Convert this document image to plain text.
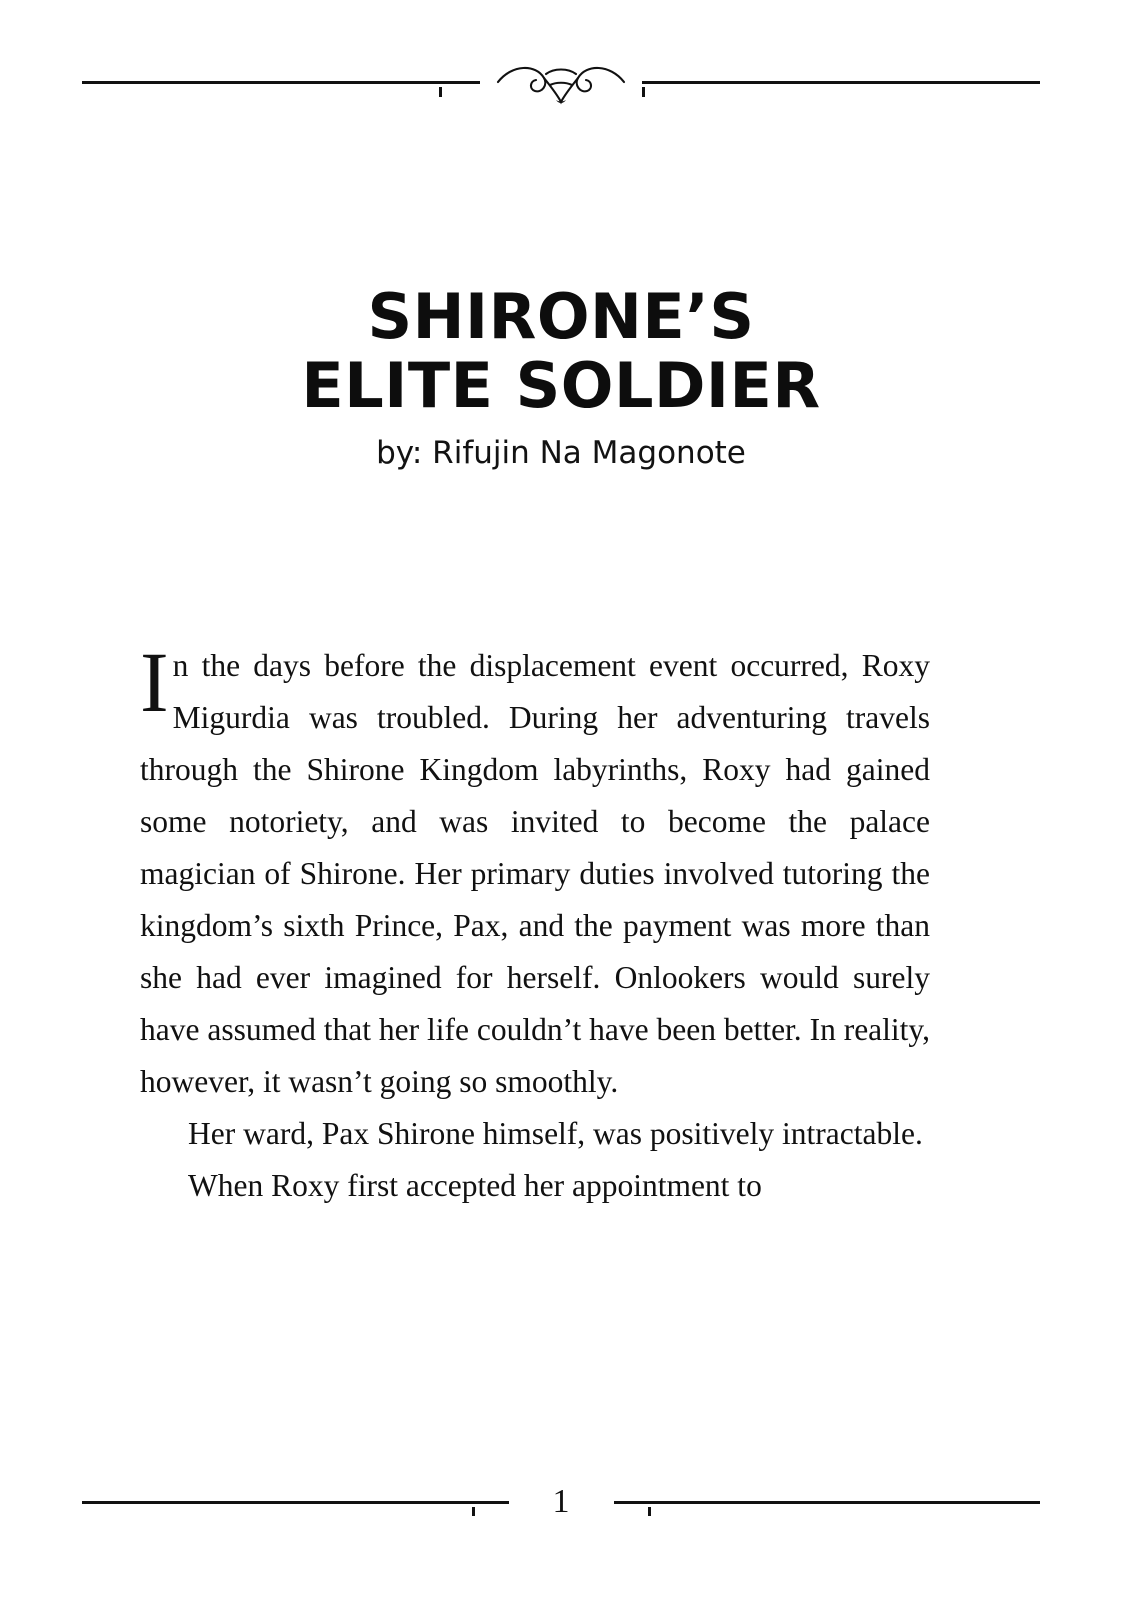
SHIRONE’S
ELITE SOLDIER
by: Rifujin Na Magonote

In the days before the displacement event occurred, Roxy Migurdia was troubled. During her adventuring travels through the Shirone Kingdom labyrinths, Roxy had gained some notoriety, and was invited to become the palace magician of Shirone. Her primary duties involved tutoring the kingdom’s sixth Prince, Pax, and the payment was more than she had ever imagined for herself. Onlookers would surely have assumed that her life couldn’t have been better. In reality, however, it wasn’t going so smoothly.

Her ward, Pax Shirone himself, was positively intractable.

When Roxy first accepted her appointment to

1
